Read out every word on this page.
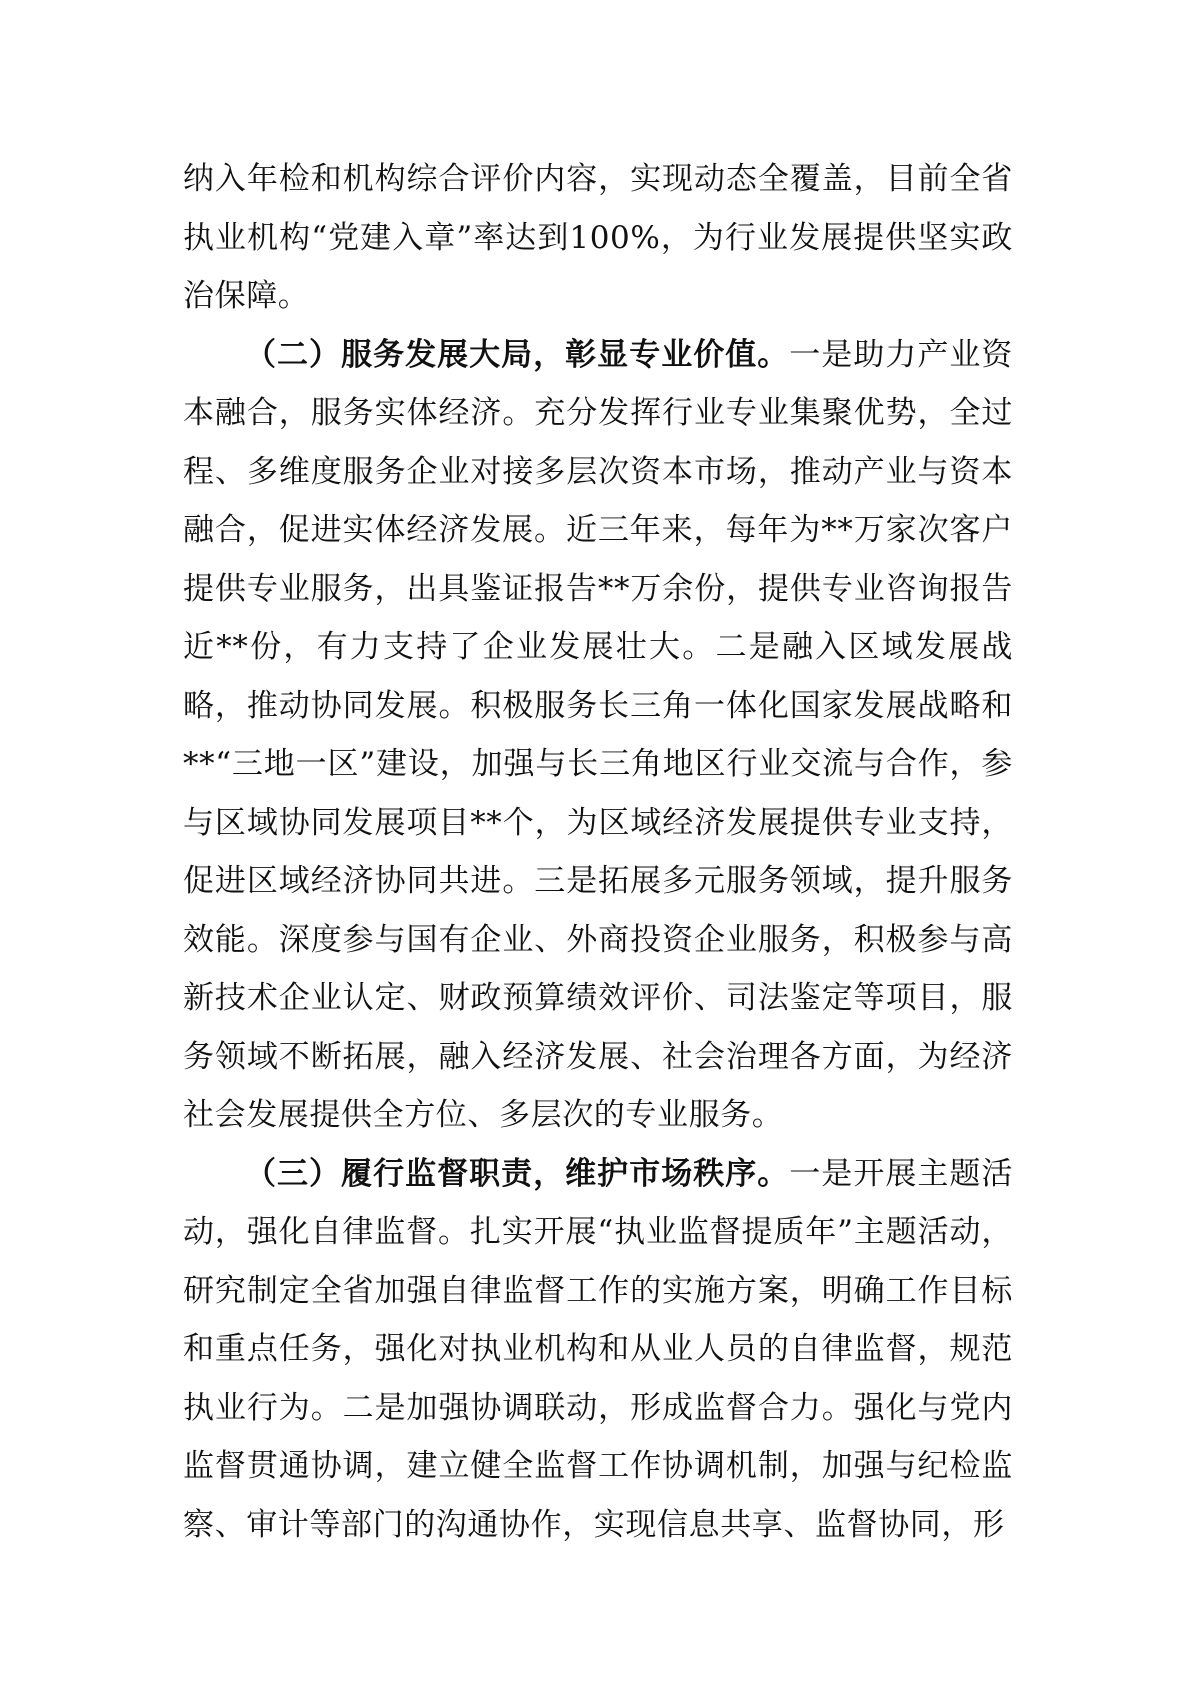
纳入年检和机构综合评价内容，实现动态全覆盖，目前全省执业机构“党建入章”率达到100%，为行业发展提供坚实政治保障。

（二）服务发展大局，彰显专业价值。一是助力产业资本融合，服务实体经济。充分发挥行业专业集聚优势，全过程、多维度服务企业对接多层次资本市场，推动产业与资本融合，促进实体经济发展。近三年来，每年为**万家次客户提供专业服务，出具鉴证报告**万余份，提供专业咨询报告近**份，有力支持了企业发展壮大。二是融入区域发展战略，推动协同发展。积极服务长三角一体化国家发展战略和**“三地一区”建设，加强与长三角地区行业交流与合作，参与区域协同发展项目**个，为区域经济发展提供专业支持，促进区域经济协同共进。三是拓展多元服务领域，提升服务效能。深度参与国有企业、外商投资企业服务，积极参与高新技术企业认定、财政预算绩效评价、司法鉴定等项目，服务领域不断拓展，融入经济发展、社会治理各方面，为经济社会发展提供全方位、多层次的专业服务。

（三）履行监督职责，维护市场秩序。一是开展主题活动，强化自律监督。扎实开展“执业监督提质年”主题活动，研究制定全省加强自律监督工作的实施方案，明确工作目标和重点任务，强化对执业机构和从业人员的自律监督，规范执业行为。二是加强协调联动，形成监督合力。强化与党内监督贯通协调，建立健全监督工作协调机制，加强与纪检监察、审计等部门的沟通协作，实现信息共享、监督协同，形
